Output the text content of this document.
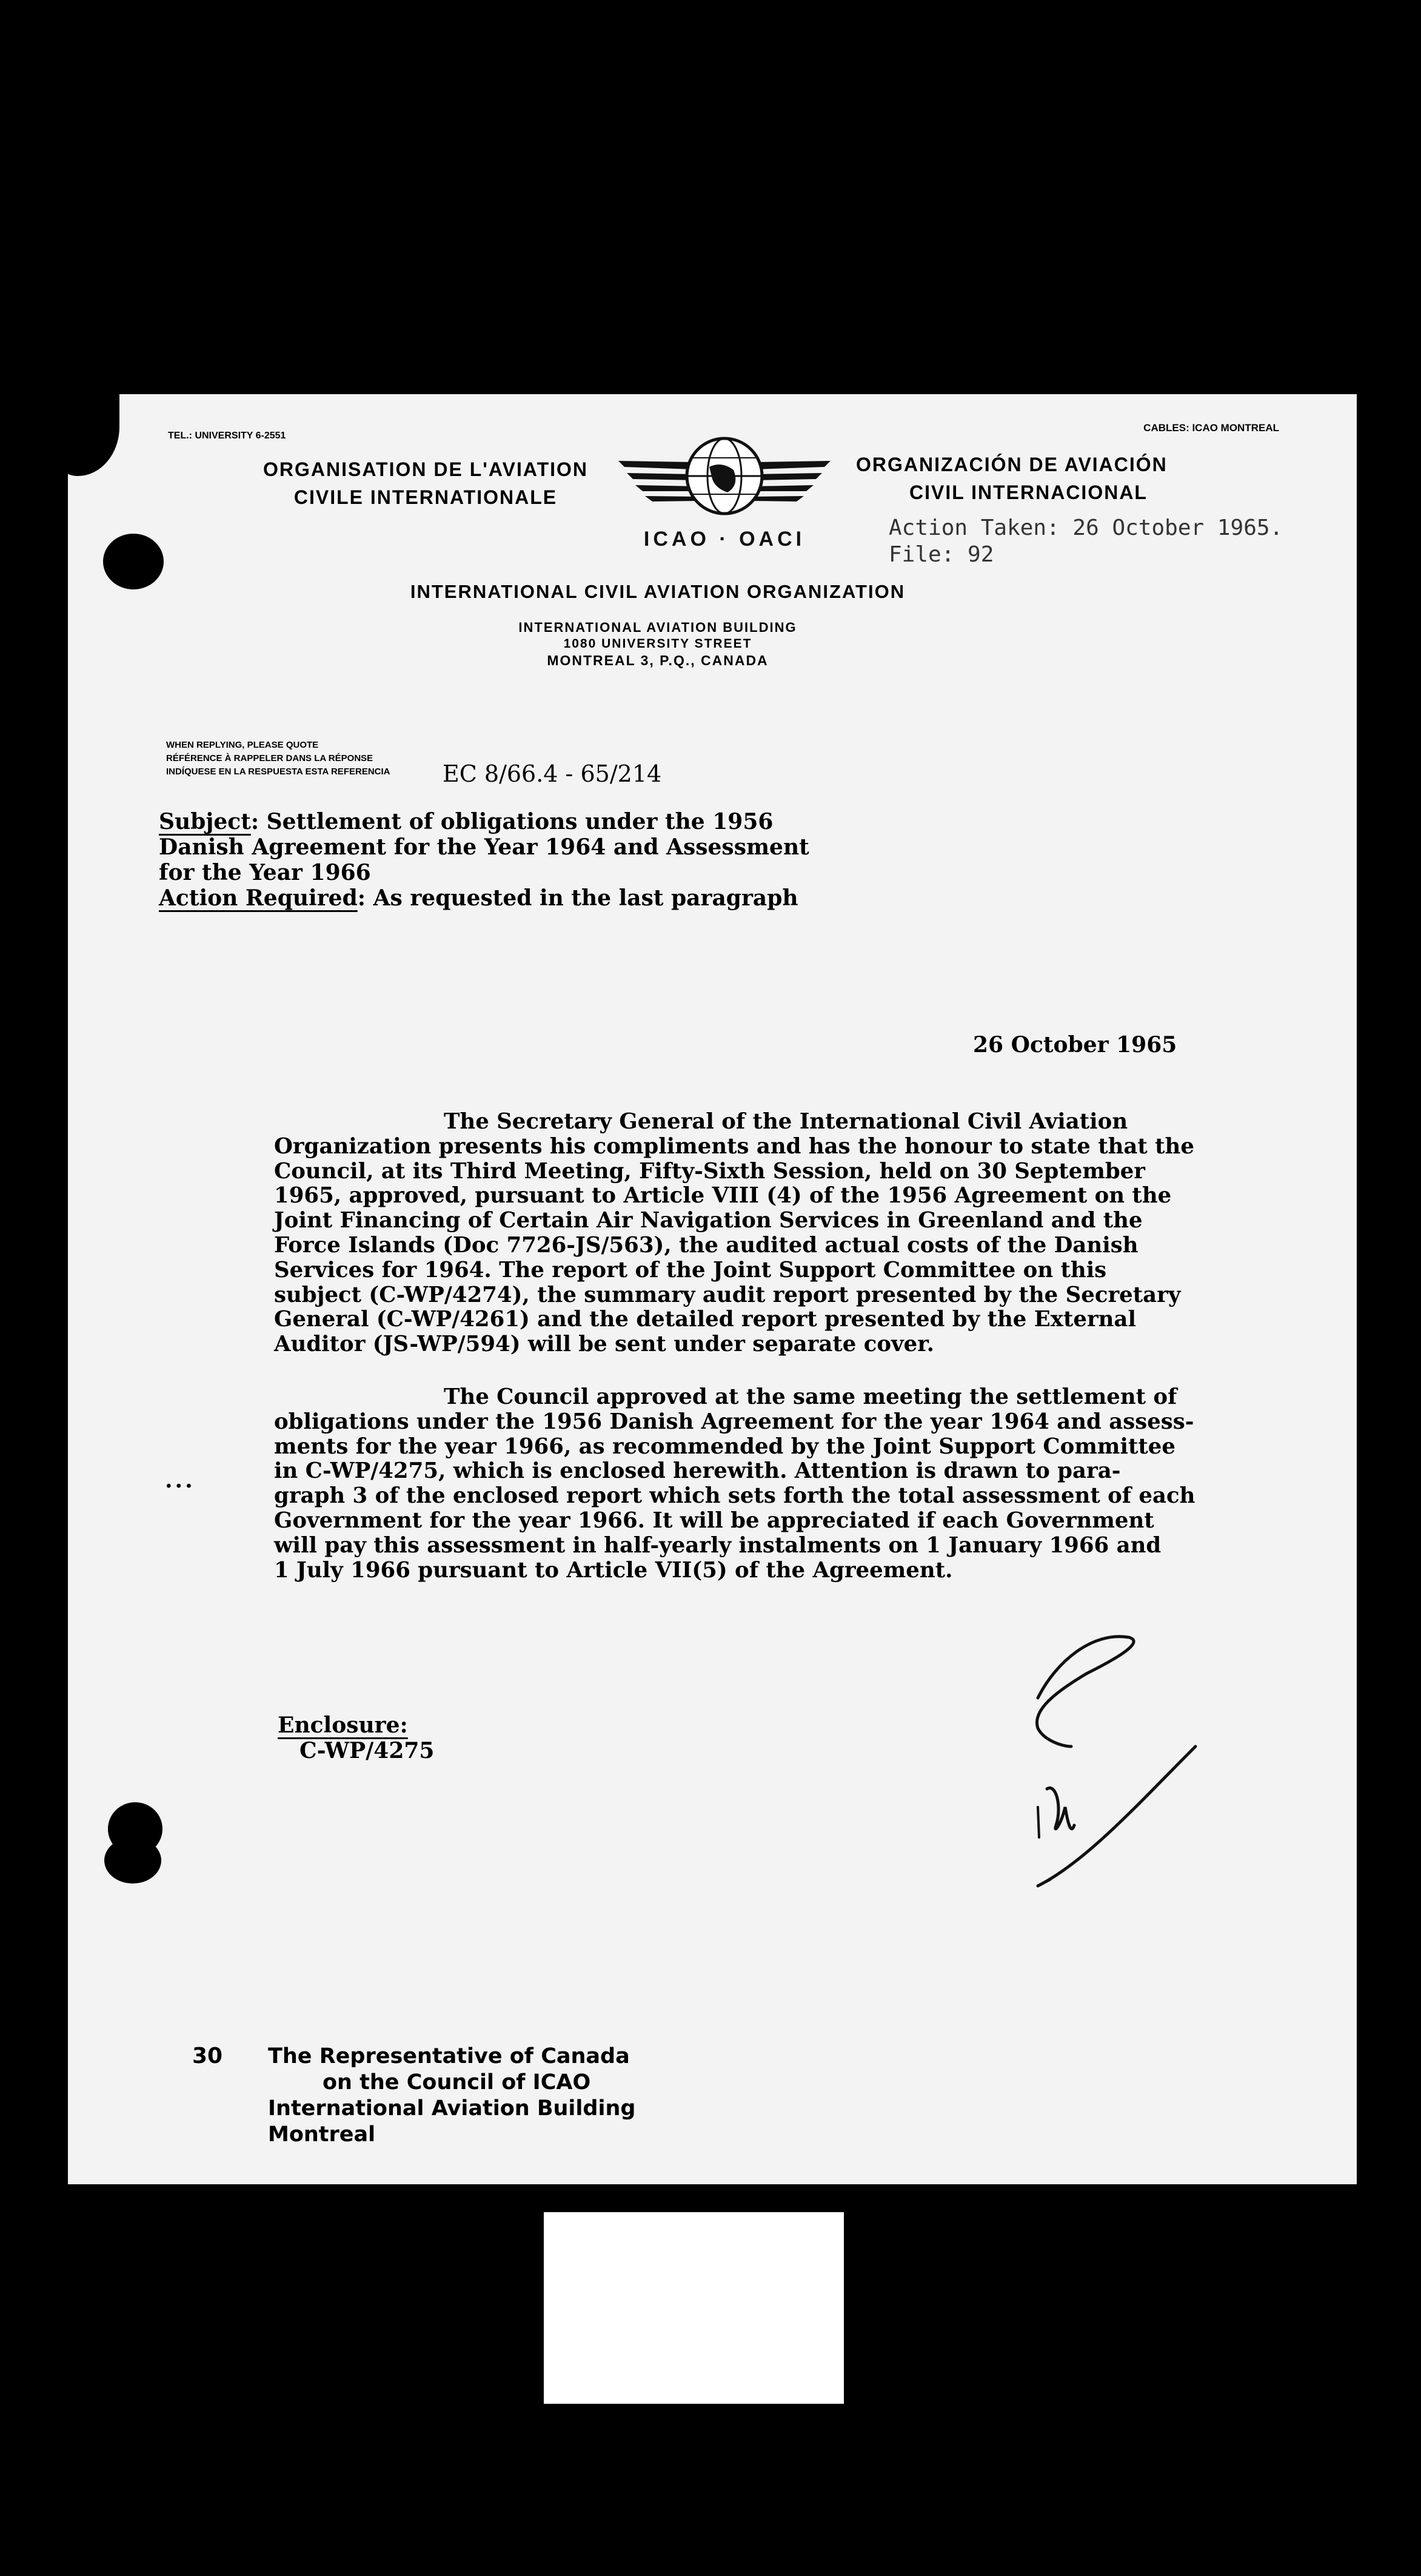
TEL.: UNIVERSITY 6-2551
CABLES: ICAO MONTREAL
ORGANISATION DE L'AVIATION
CIVILE INTERNATIONALE
ORGANIZACIÓN DE AVIACIÓN
CIVIL INTERNACIONAL
ICAO · OACI	Action Taken: 26 October 1965.
File: 92
INTERNATIONAL CIVIL AVIATION ORGANIZATION
INTERNATIONAL AVIATION BUILDING
1080 UNIVERSITY STREET
MONTREAL 3, P.Q., CANADA
WHEN REPLYING, PLEASE QUOTE
RÉFÉRENCE À RAPPELER DANS LA RÉPONSE
INDÍQUESE EN LA RESPUESTA ESTA REFERENCIA EC 8/66.4 - 65/214
Subject: Settlement of obligations under the 1956
Danish Agreement for the Year 1964 and Assessment
for the Year 1966
Action Required: As requested in the last paragraph
26 October 1965
The Secretary General of the International Civil Aviation
Organization presents his compliments and has the honour to state that the
Council, at its Third Meeting, Fifty-Sixth Session, held on 30 September
1965, approved, pursuant to Article VIII (4) of the 1956 Agreement on the
Joint Financing of Certain Air Navigation Services in Greenland and the
Force Islands (Doc 7726-JS/563), the audited actual costs of the Danish
Services for 1964. The report of the Joint Support Committee on this
subject (C-WP/4274), the summary audit report presented by the Secretary
General (C-WP/4261) and the detailed report presented by the External
Auditor (JS-WP/594) will be sent under separate cover.
The Council approved at the same meeting the settlement of
obligations under the 1956 Danish Agreement for the year 1964 and assess-
ments for the year 1966, as recommended by the Joint Support Committee
in C-WP/4275, which is enclosed herewith. Attention is drawn to para-
graph 3 of the enclosed report which sets forth the total assessment of each
Government for the year 1966. It will be appreciated if each Government
will pay this assessment in half-yearly instalments on 1 January 1966 and
1 July 1966 pursuant to Article VII(5) of the Agreement.
...
Enclosure:
C-WP/4275
30 The Representative of Canada
on the Council of ICAO
International Aviation Building
Montreal
